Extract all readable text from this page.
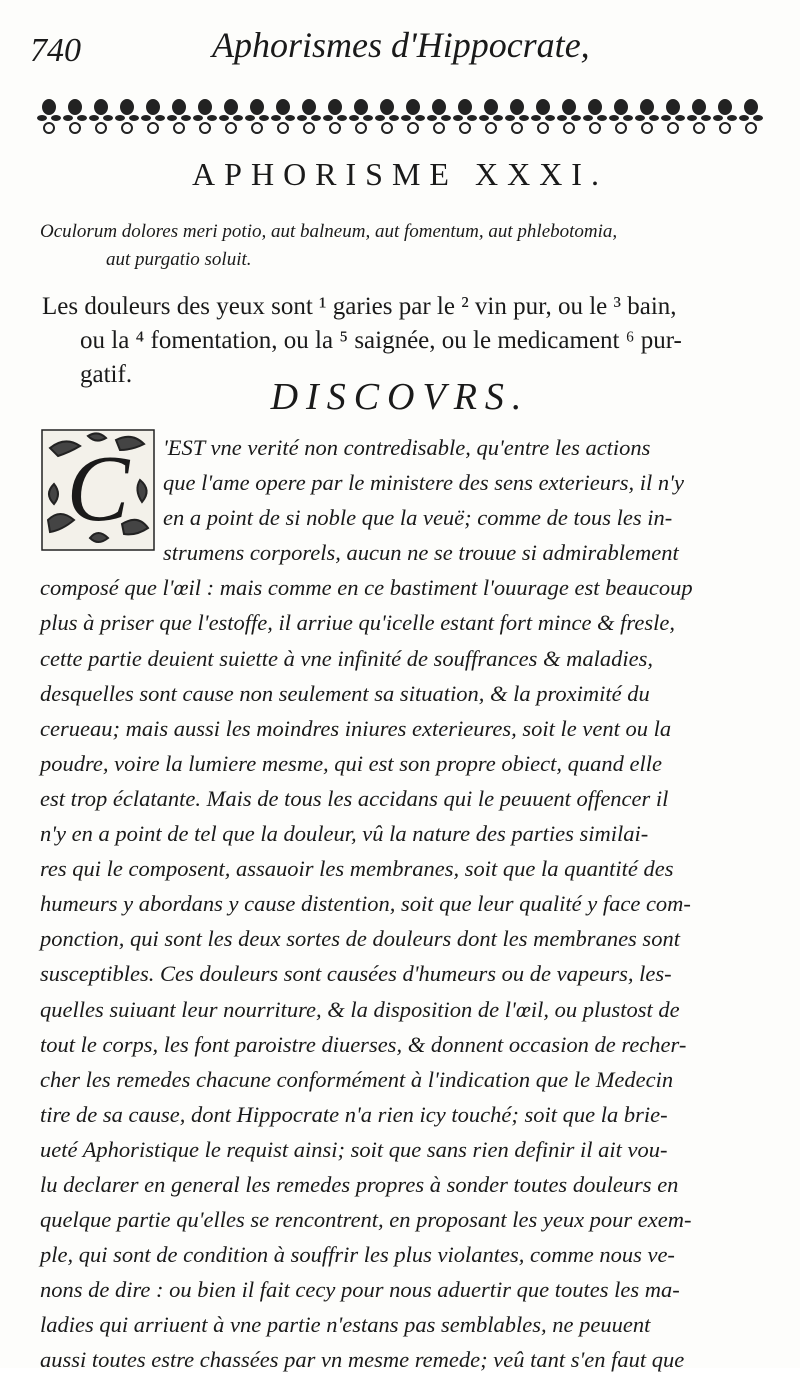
740	Aphorismes d'Hippocrate,
APHORISME XXXI.
Oculorum dolores meri potio, aut balneum, aut fomentum, aut phlebotomia,
aut purgatio soluit.
Les douleurs des yeux sont ¹ garies par le ² vin pur, ou le ³ bain,
ou la ⁴ fomentation, ou la ⁵ saignée, ou le medicament ⁶ pur-
gatif.
DISCOVRS.
C	'EST vne verité non contredisable, qu'entre les actions
que l'ame opere par le ministere des sens exterieurs, il n'y
en a point de si noble que la veuë; comme de tous les in-
strumens corporels, aucun ne se trouue si admirablement
composé que l'œil : mais comme en ce bastiment l'ouurage est beaucoup
plus à priser que l'estoffe, il arriue qu'icelle estant fort mince & fresle,
cette partie deuient suiette à vne infinité de souffrances & maladies,
desquelles sont cause non seulement sa situation, & la proximité du
cerueau; mais aussi les moindres iniures exterieures, soit le vent ou la
poudre, voire la lumiere mesme, qui est son propre obiect, quand elle
est trop éclatante. Mais de tous les accidans qui le peuuent offencer il
n'y en a point de tel que la douleur, vû la nature des parties similai-
res qui le composent, assauoir les membranes, soit que la quantité des
humeurs y abordans y cause distention, soit que leur qualité y face com-
ponction, qui sont les deux sortes de douleurs dont les membranes sont
susceptibles. Ces douleurs sont causées d'humeurs ou de vapeurs, les-
quelles suiuant leur nourriture, & la disposition de l'œil, ou plustost de
tout le corps, les font paroistre diuerses, & donnent occasion de recher-
cher les remedes chacune conformément à l'indication que le Medecin
tire de sa cause, dont Hippocrate n'a rien icy touché; soit que la brie-
ueté Aphoristique le requist ainsi; soit que sans rien definir il ait vou-
lu declarer en general les remedes propres à sonder toutes douleurs en
quelque partie qu'elles se rencontrent, en proposant les yeux pour exem-
ple, qui sont de condition à souffrir les plus violantes, comme nous ve-
nons de dire : ou bien il fait cecy pour nous aduertir que toutes les ma-
ladies qui arriuent à vne partie n'estans pas semblables, ne peuuent
aussi toutes estre chassées par vn mesme remede; veû tant s'en faut que
